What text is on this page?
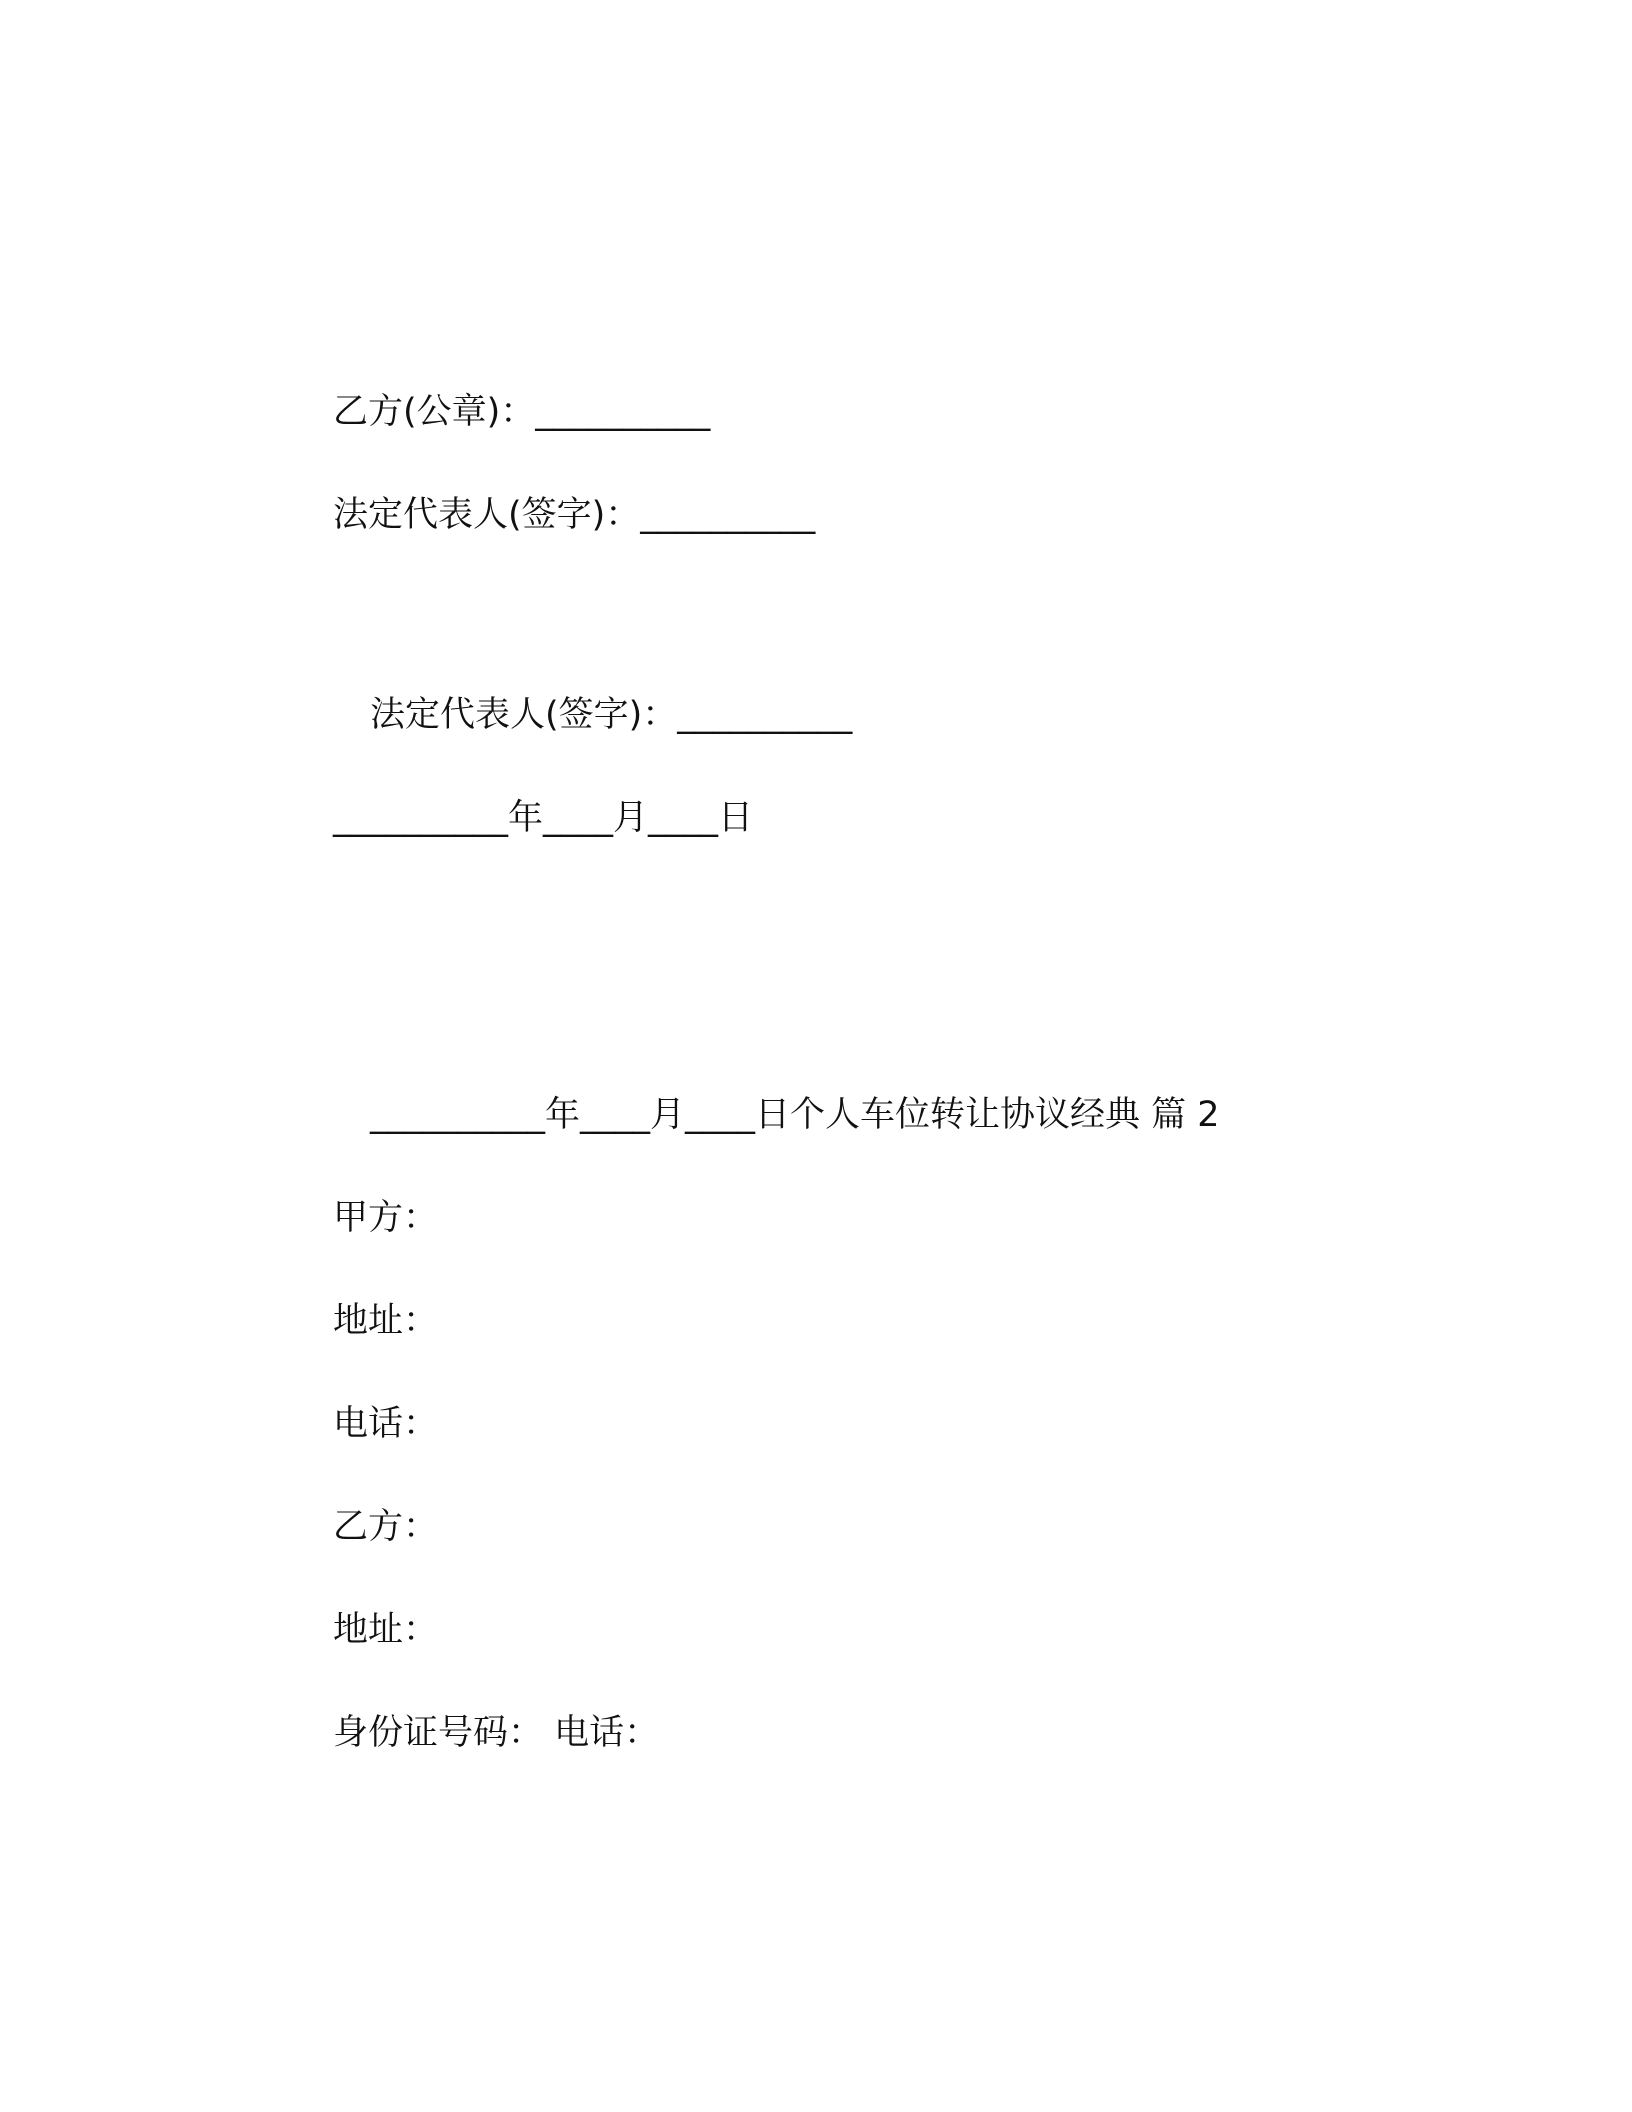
乙方(公章)：__________
法定代表人(签字)：__________
法定代表人(签字)：__________
__________年____月____日
__________年____月____日个人车位转让协议经典 篇 2
甲方：
地址：
电话：
乙方：
地址：
身份证号码： 电话：
